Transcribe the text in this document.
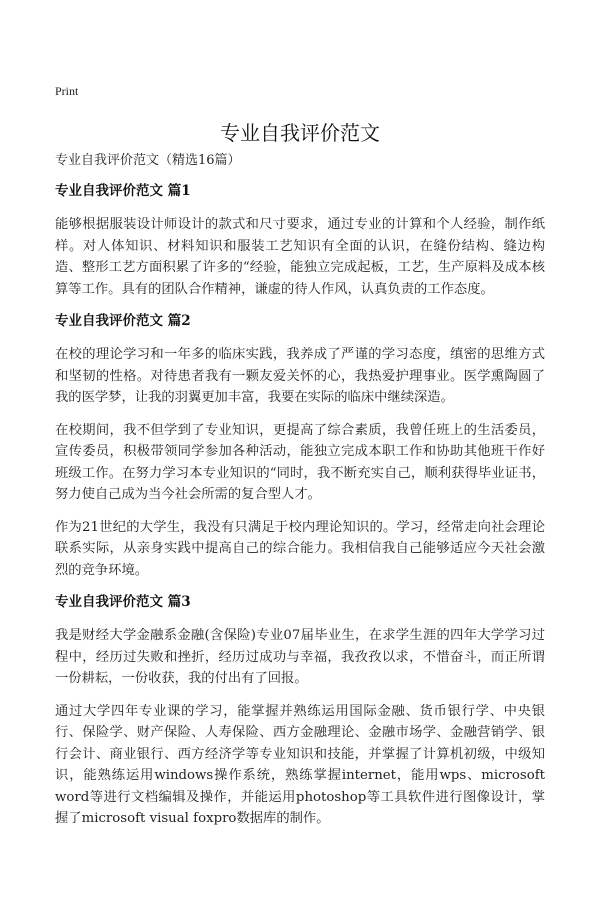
Print
专业自我评价范文

专业自我评价范文（精选16篇）

专业自我评价范文 篇1

能够根据服装设计师设计的款式和尺寸要求，通过专业的计算和个人经验，制作纸样。对人体知识、材料知识和服装工艺知识有全面的认识，在缝份结构、缝边构造、整形工艺方面积累了许多的“经验，能独立完成起板，工艺，生产原料及成本核算等工作。具有的团队合作精神，谦虚的待人作风，认真负责的工作态度。

专业自我评价范文 篇2

在校的理论学习和一年多的临床实践，我养成了严谨的学习态度，缜密的思维方式和坚韧的性格。对待患者我有一颗友爱关怀的心，我热爱护理事业。医学熏陶圆了我的医学梦，让我的羽翼更加丰富，我要在实际的临床中继续深造。

在校期间，我不但学到了专业知识，更提高了综合素质，我曾任班上的生活委员，宣传委员，积极带领同学参加各种活动，能独立完成本职工作和协助其他班干作好班级工作。在努力学习本专业知识的“同时，我不断充实自己，顺利获得毕业证书，努力使自己成为当今社会所需的复合型人才。

作为21世纪的大学生，我没有只满足于校内理论知识的。学习，经常走向社会理论联系实际，从亲身实践中提高自己的综合能力。我相信我自己能够适应今天社会激烈的竞争环境。

专业自我评价范文 篇3

我是财经大学金融系金融(含保险)专业07届毕业生，在求学生涯的四年大学学习过程中，经历过失败和挫折，经历过成功与幸福，我孜孜以求，不惜奋斗，而正所谓一份耕耘，一份收获，我的付出有了回报。

通过大学四年专业课的学习，能掌握并熟练运用国际金融、货币银行学、中央银行、保险学、财产保险、人寿保险、西方金融理论、金融市场学、金融营销学、银行会计、商业银行、西方经济学等专业知识和技能，并掌握了计算机初级，中级知识，能熟练运用windows操作系统，熟练掌握internet，能用wps、microsoft word等进行文档编辑及操作，并能运用photoshop等工具软件进行图像设计，掌握了microsoft visual foxpro数据库的制作。
